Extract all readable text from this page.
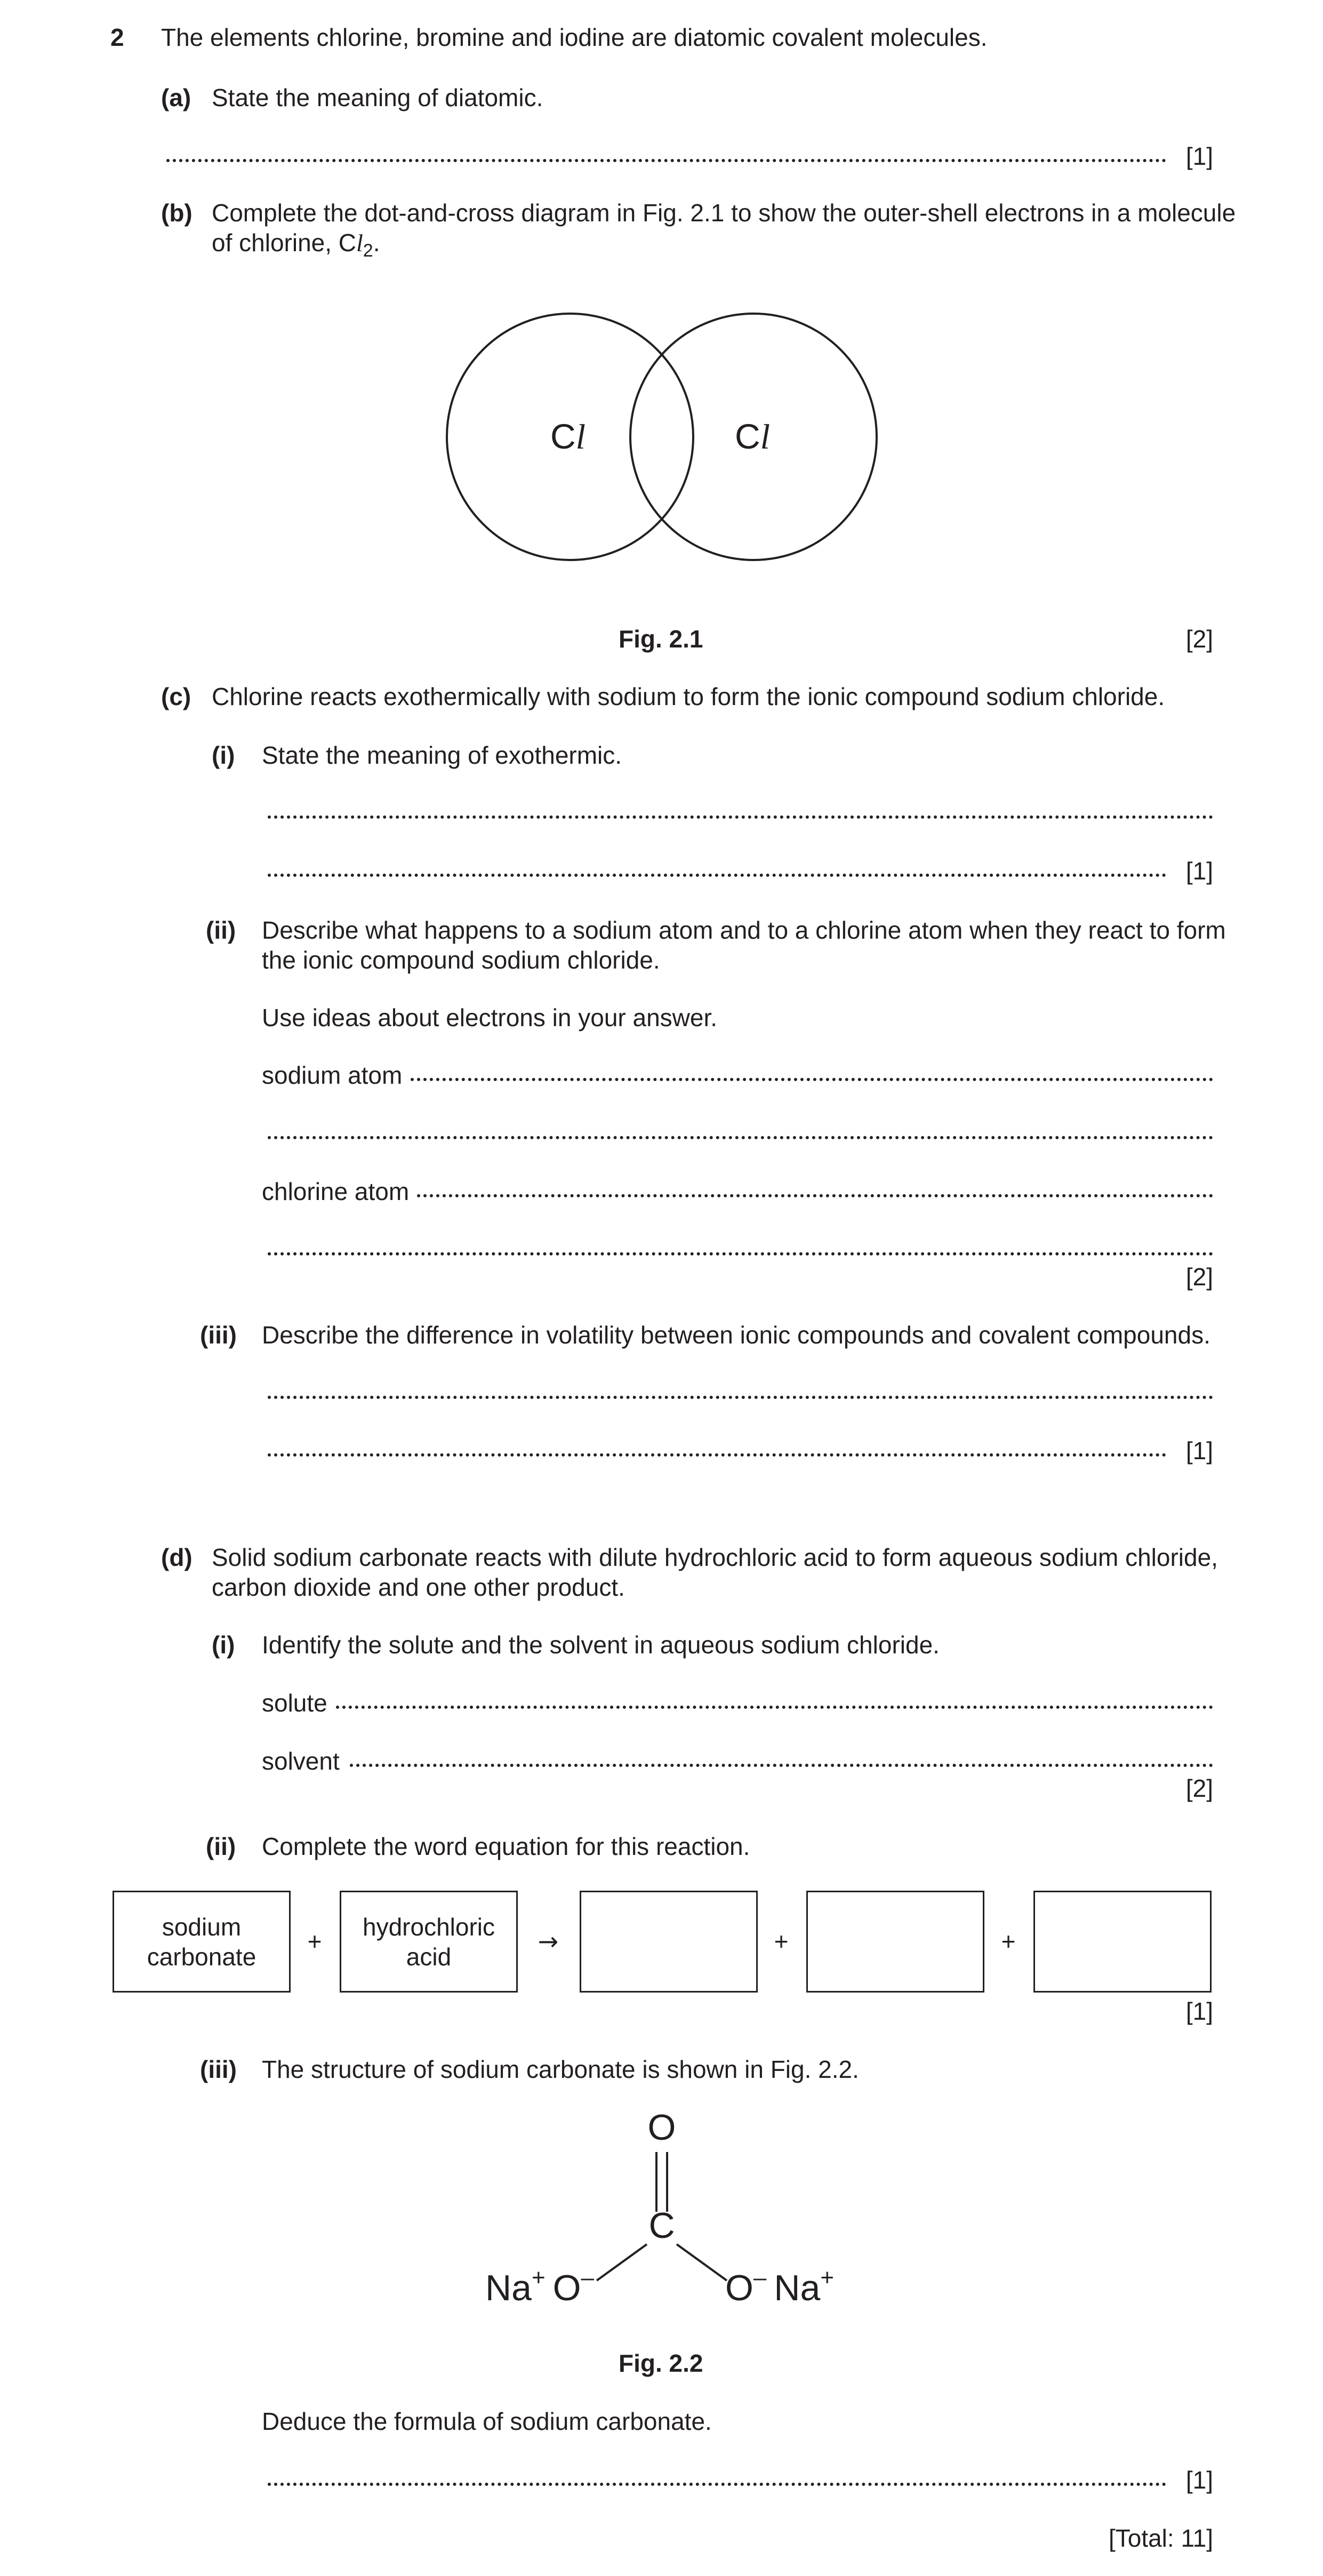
2 The elements chlorine, bromine and iodine are diatomic covalent molecules.
(a) State the meaning of diatomic.
[1]
(b) Complete the dot-and-cross diagram in Fig. 2.1 to show the outer-shell electrons in a molecule
of chlorine, $Cl_2$.
Cl	Cl
Fig. 2.1	[2]
(c) Chlorine reacts exothermically with sodium to form the ionic compound sodium chloride.
(i) State the meaning of exothermic.
[1]
(ii) Describe what happens to a sodium atom and to a chlorine atom when they react to form
the ionic compound sodium chloride.
Use ideas about electrons in your answer.
sodium atom
chlorine atom
[2]
(iii) Describe the difference in volatility between ionic compounds and covalent compounds.
[1]
(d) Solid sodium carbonate reacts with dilute hydrochloric acid to form aqueous sodium chloride,
carbon dioxide and one other product.
(i) Identify the solute and the solvent in aqueous sodium chloride.
solute
solvent
[2]
(ii) Complete the word equation for this reaction.
sodium
carbonate
+
hydrochloric
acid
→	+	+
[1]
(iii) The structure of sodium carbonate is shown in Fig. 2.2.
O
C
Na+ O–	O– Na+
Fig. 2.2
Deduce the formula of sodium carbonate.
[1]
[Total: 11]
